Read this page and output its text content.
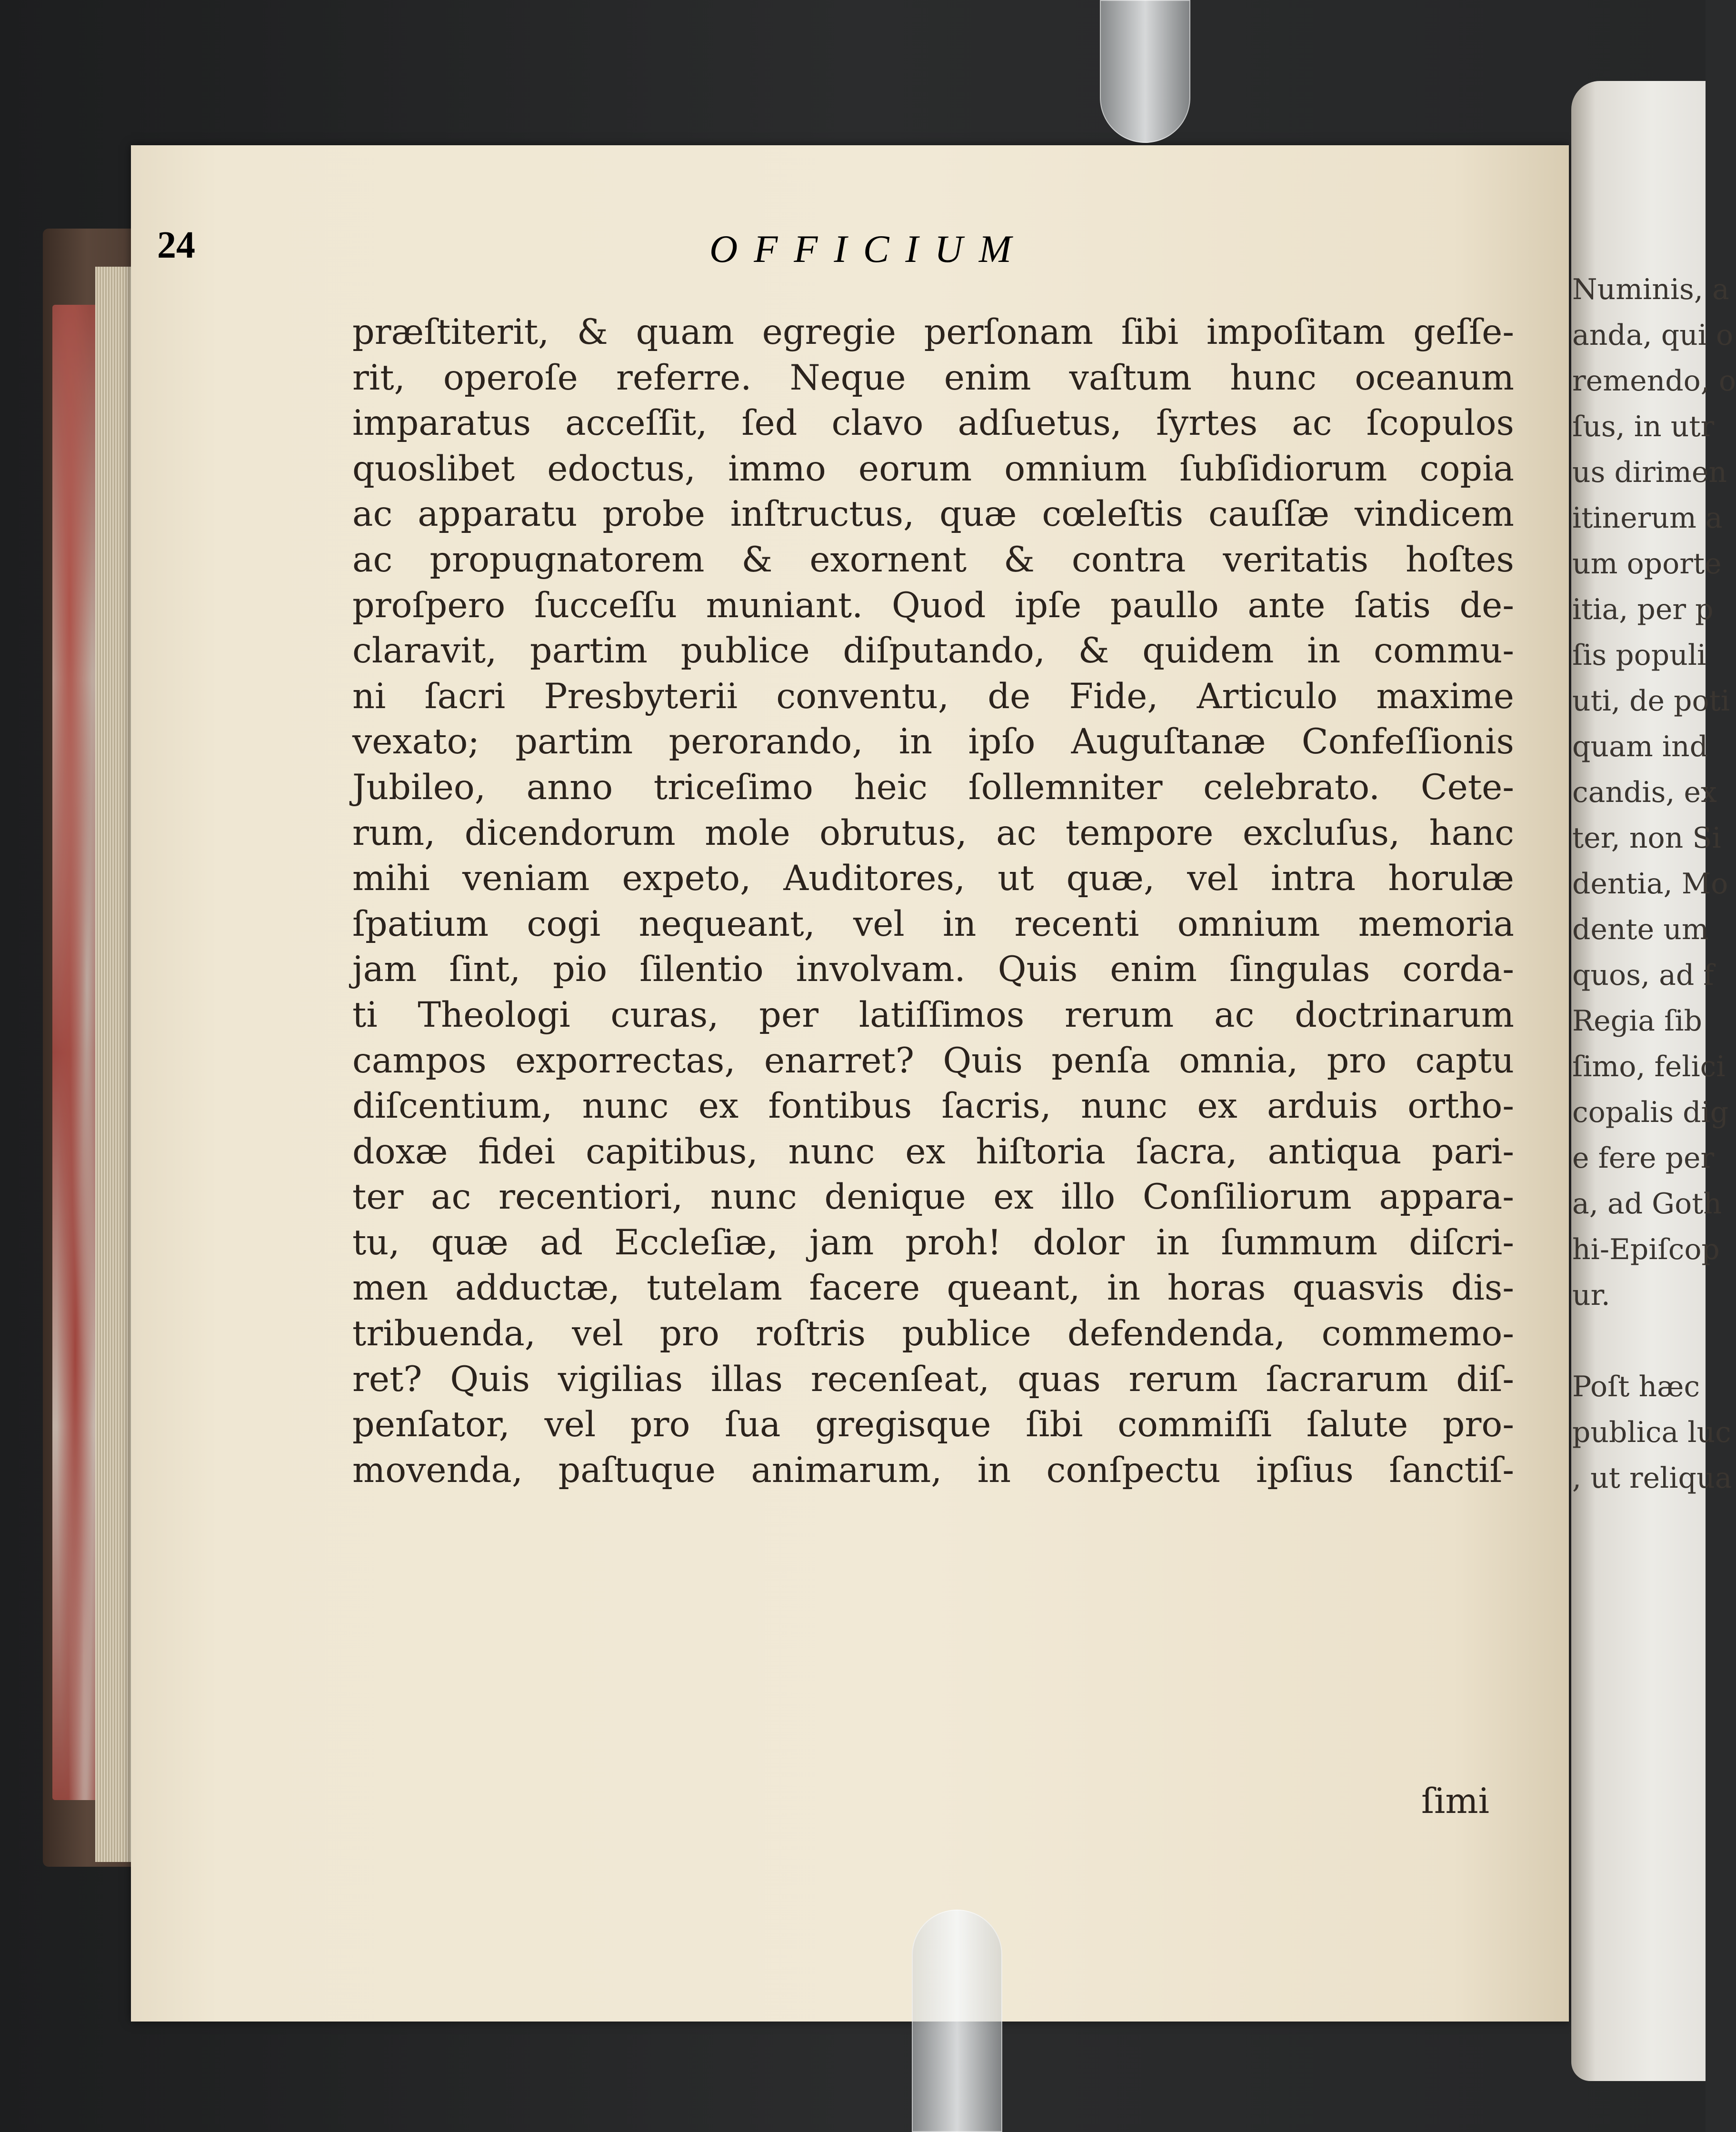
Numinis, a
anda, qui o
remendo, o
ſus, in utr
us dirimen
itinerum a
um oporte
itia, per p
ſis populi
uti, de poti
quam ind
candis, ex
ter, non Si
dentia, Mo
dente um
quos, ad f
Regia ſib
ſimo, felici
copalis dig
e fere per
a, ad Goth
hi-Epiſcop
ur.
Poſt hæc
publica luc
, ut reliqua
24	OFFICIUM
præſtiterit, & quam egregie perſonam ſibi impoſitam geſſe-
rit, operoſe referre. Neque enim vaſtum hunc oceanum
imparatus acceſſit, ſed clavo adſuetus, ſyrtes ac ſcopulos
quoslibet edoctus, immo eorum omnium ſubſidiorum copia
ac apparatu probe inſtructus, quæ cœleſtis cauſſæ vindicem
ac propugnatorem & exornent & contra veritatis hoſtes
proſpero ſucceſſu muniant. Quod ipſe paullo ante ſatis de-
claravit, partim publice diſputando, & quidem in commu-
ni ſacri Presbyterii conventu, de Fide, Articulo maxime
vexato; partim perorando, in ipſo Auguſtanæ Confeſſionis
Jubileo, anno triceſimo heic ſollemniter celebrato. Cete-
rum, dicendorum mole obrutus, ac tempore excluſus, hanc
mihi veniam expeto, Auditores, ut quæ, vel intra horulæ
ſpatium cogi nequeant, vel in recenti omnium memoria
jam ſint, pio ſilentio involvam. Quis enim ſingulas corda-
ti Theologi curas, per latiſſimos rerum ac doctrinarum
campos exporrectas, enarret? Quis penſa omnia, pro captu
diſcentium, nunc ex fontibus ſacris, nunc ex arduis ortho-
doxæ fidei capitibus, nunc ex hiſtoria ſacra, antiqua pari-
ter ac recentiori, nunc denique ex illo Conſiliorum appara-
tu, quæ ad Eccleſiæ, jam proh! dolor in ſummum diſcri-
men adductæ, tutelam facere queant, in horas quasvis dis-
tribuenda, vel pro roſtris publice defendenda, commemo-
ret? Quis vigilias illas recenſeat, quas rerum ſacrarum diſ-
penſator, vel pro ſua gregisque ſibi commiſſi ſalute pro-
movenda, paſtuque animarum, in conſpectu ipſius ſanctiſ-
ſimi
